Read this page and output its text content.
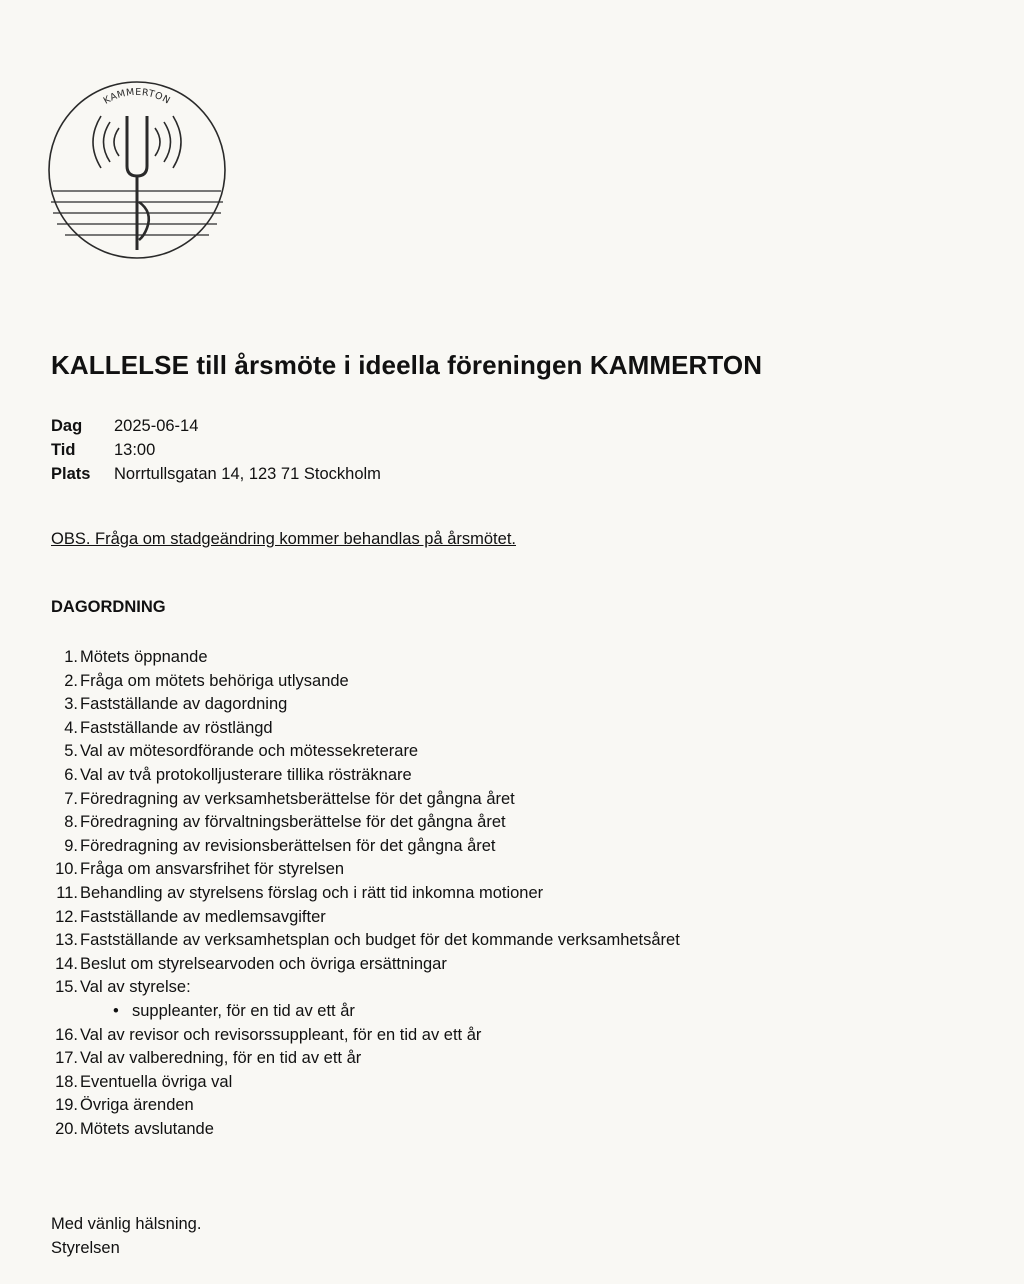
KAMMERTON
KALLELSE till årsmöte i ideella föreningen KAMMERTON
Dag	2025-06-14
Tid	13:00
Plats	Norrtullsgatan 14, 123 71 Stockholm
OBS. Fråga om stadgeändring kommer behandlas på årsmötet.
DAGORDNING
1. Mötets öppnande
2. Fråga om mötets behöriga utlysande
3. Fastställande av dagordning
4. Fastställande av röstlängd
5. Val av mötesordförande och mötessekreterare
6. Val av två protokolljusterare tillika rösträknare
7. Föredragning av verksamhetsberättelse för det gångna året
8. Föredragning av förvaltningsberättelse för det gångna året
9. Föredragning av revisionsberättelsen för det gångna året
10. Fråga om ansvarsfrihet för styrelsen
11. Behandling av styrelsens förslag och i rätt tid inkomna motioner
12. Fastställande av medlemsavgifter
13. Fastställande av verksamhetsplan och budget för det kommande verksamhetsåret
14. Beslut om styrelsearvoden och övriga ersättningar
15. Val av styrelse:
• suppleanter, för en tid av ett år
16. Val av revisor och revisorssuppleant, för en tid av ett år
17. Val av valberedning, för en tid av ett år
18. Eventuella övriga val
19. Övriga ärenden
20. Mötets avslutande
Med vänlig hälsning.
Styrelsen
